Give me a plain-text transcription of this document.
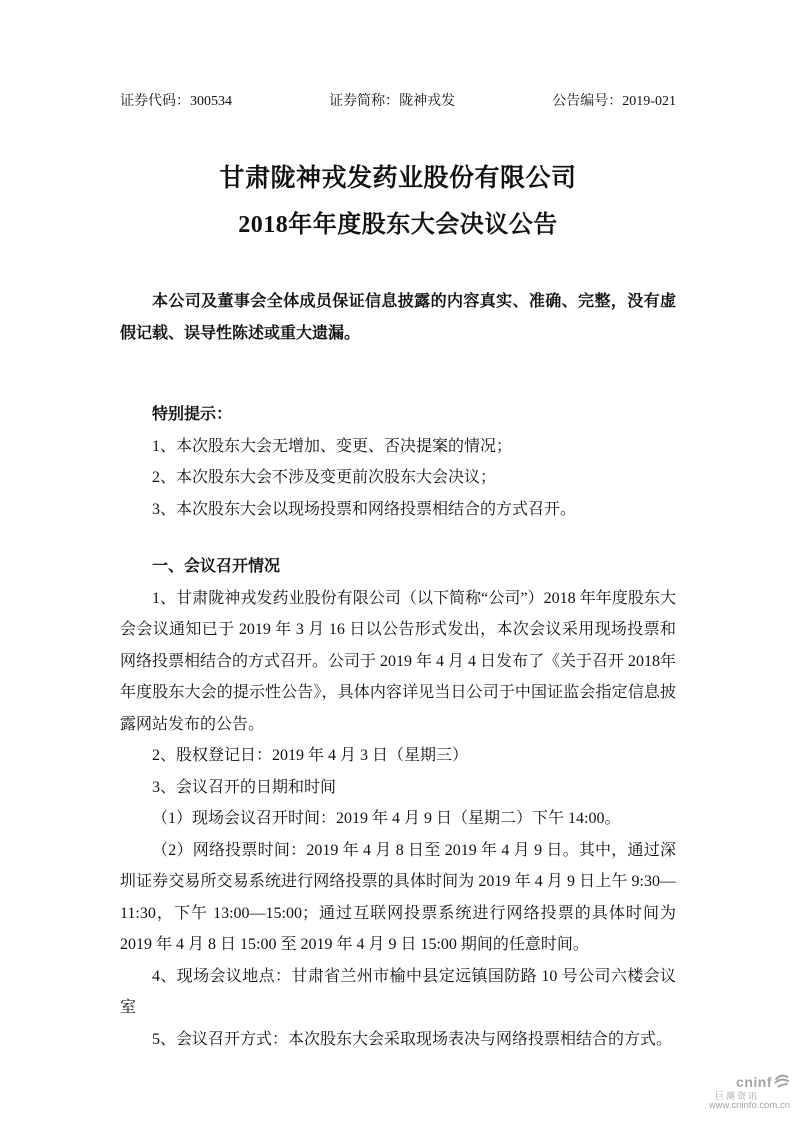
证券代码：300534	证券简称：陇神戎发	公告编号：2019-021
甘肃陇神戎发药业股份有限公司
2018年年度股东大会决议公告

本公司及董事会全体成员保证信息披露的内容真实、准确、完整，没有虚假记载、误导性陈述或重大遗漏。

特别提示：

1、本次股东大会无增加、变更、否决提案的情况；

2、本次股东大会不涉及变更前次股东大会决议；

3、本次股东大会以现场投票和网络投票相结合的方式召开。

一、会议召开情况

1、甘肃陇神戎发药业股份有限公司（以下简称“公司”）2018 年年度股东大会会议通知已于 2019 年 3 月 16 日以公告形式发出，本次会议采用现场投票和网络投票相结合的方式召开。公司于 2019 年 4 月 4 日发布了《关于召开 2018年年度股东大会的提示性公告》，具体内容详见当日公司于中国证监会指定信息披露网站发布的公告。

2、股权登记日：2019 年 4 月 3 日（星期三）

3、会议召开的日期和时间

（1）现场会议召开时间：2019 年 4 月 9 日（星期二）下午 14:00。

（2）网络投票时间：2019 年 4 月 8 日至 2019 年 4 月 9 日。其中，通过深圳证券交易所交易系统进行网络投票的具体时间为 2019 年 4 月 9 日上午 9:30—11:30，下午 13:00—15:00；通过互联网投票系统进行网络投票的具体时间为 2019 年 4 月 8 日 15:00 至 2019 年 4 月 9 日 15:00 期间的任意时间。

4、现场会议地点：甘肃省兰州市榆中县定远镇国防路 10 号公司六楼会议室

5、会议召开方式：本次股东大会采取现场表决与网络投票相结合的方式。

cninf
巨潮资讯
www.cninfo.com.cn
